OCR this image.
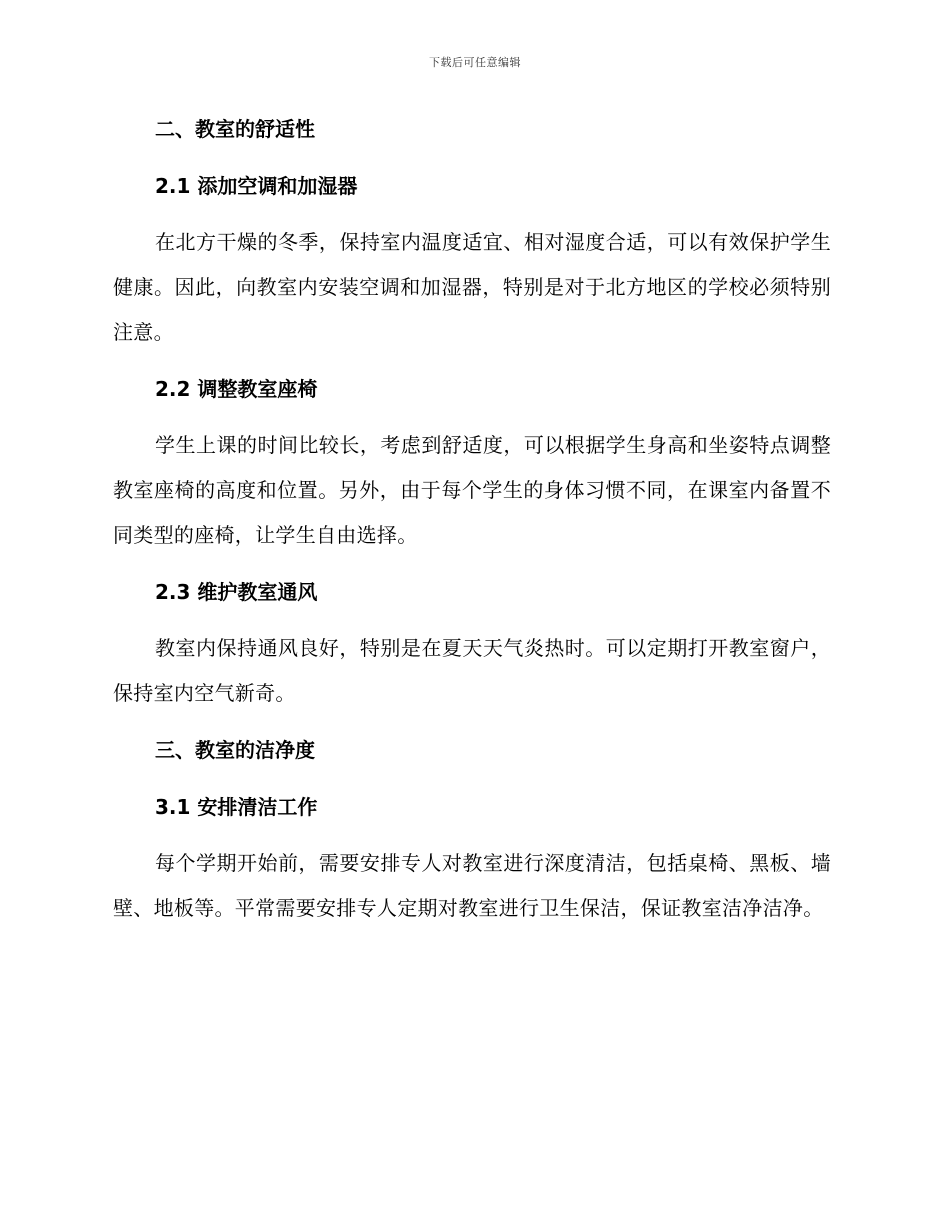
下载后可任意编辑
二、教室的舒适性
2.1 添加空调和加湿器

在北方干燥的冬季，保持室内温度适宜、相对湿度合适，可以有效保护学生健康。因此，向教室内安装空调和加湿器，特别是对于北方地区的学校必须特别注意。

2.2 调整教室座椅

学生上课的时间比较长，考虑到舒适度，可以根据学生身高和坐姿特点调整教室座椅的高度和位置。另外，由于每个学生的身体习惯不同，在课室内备置不同类型的座椅，让学生自由选择。

2.3 维护教室通风

教室内保持通风良好，特别是在夏天天气炎热时。可以定期打开教室窗户，保持室内空气新奇。

三、教室的洁净度
3.1 安排清洁工作

每个学期开始前，需要安排专人对教室进行深度清洁，包括桌椅、黑板、墙壁、地板等。平常需要安排专人定期对教室进行卫生保洁，保证教室洁净洁净。
